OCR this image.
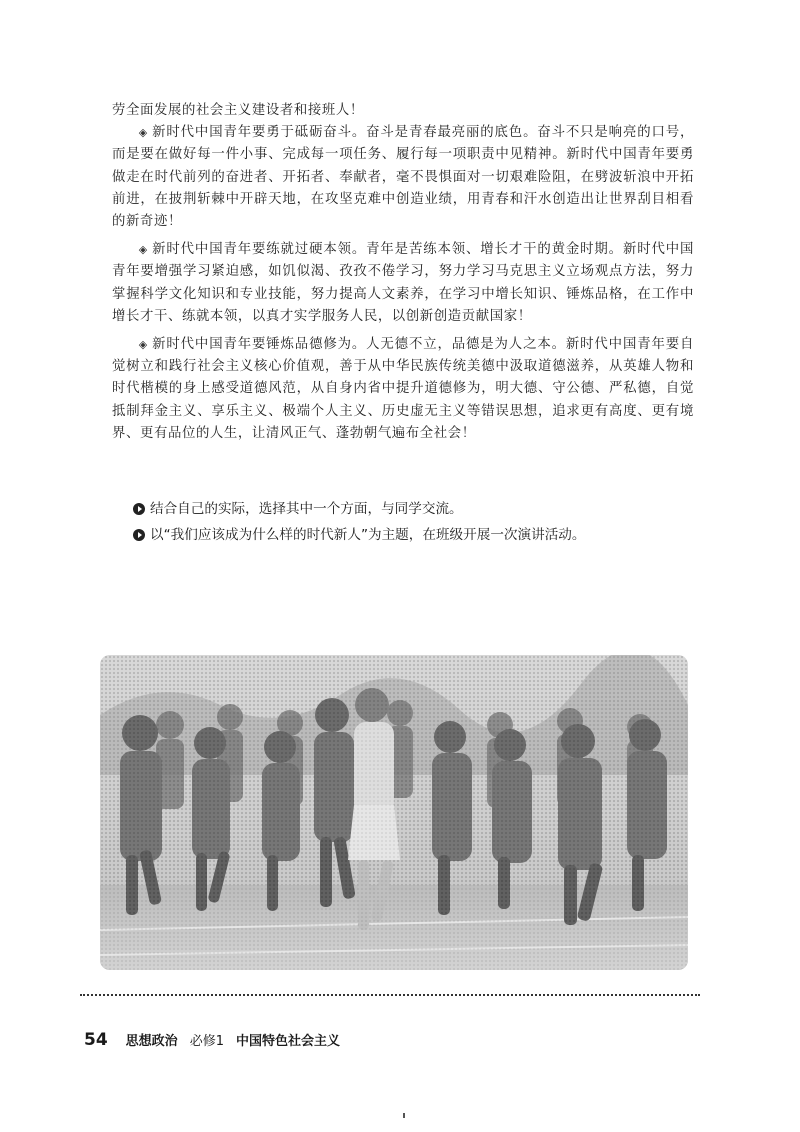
劳全面发展的社会主义建设者和接班人！

◈ 新时代中国青年要勇于砥砺奋斗。奋斗是青春最亮丽的底色。奋斗不只是响亮的口号，而是要在做好每一件小事、完成每一项任务、履行每一项职责中见精神。新时代中国青年要勇做走在时代前列的奋进者、开拓者、奉献者，毫不畏惧面对一切艰难险阻，在劈波斩浪中开拓前进，在披荆斩棘中开辟天地，在攻坚克难中创造业绩，用青春和汗水创造出让世界刮目相看的新奇迹！

◈ 新时代中国青年要练就过硬本领。青年是苦练本领、增长才干的黄金时期。新时代中国青年要增强学习紧迫感，如饥似渴、孜孜不倦学习，努力学习马克思主义立场观点方法，努力掌握科学文化知识和专业技能，努力提高人文素养，在学习中增长知识、锤炼品格，在工作中增长才干、练就本领，以真才实学服务人民，以创新创造贡献国家！

◈ 新时代中国青年要锤炼品德修为。人无德不立，品德是为人之本。新时代中国青年要自觉树立和践行社会主义核心价值观，善于从中华民族传统美德中汲取道德滋养，从英雄人物和时代楷模的身上感受道德风范，从自身内省中提升道德修为，明大德、守公德、严私德，自觉抵制拜金主义、享乐主义、极端个人主义、历史虚无主义等错误思想，追求更有高度、更有境界、更有品位的人生，让清风正气、蓬勃朝气遍布全社会！

结合自己的实际，选择其中一个方面，与同学交流。
以“我们应该成为什么样的时代新人”为主题，在班级开展一次演讲活动。
54 思想政治 必修1 中国特色社会主义
